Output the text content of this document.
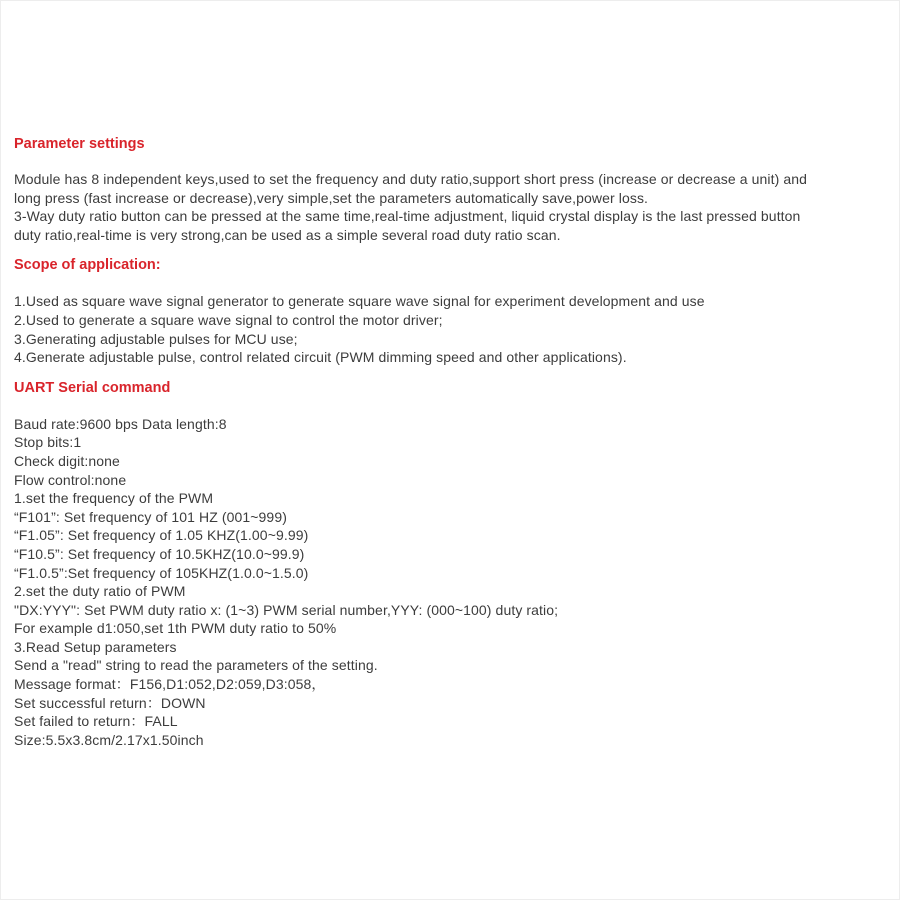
Parameter settings

Module has 8 independent keys,used to set the frequency and duty ratio,support short press (increase or decrease a unit) and
long press (fast increase or decrease),very simple,set the parameters automatically save,power loss.
3-Way duty ratio button can be pressed at the same time,real-time adjustment, liquid crystal display is the last pressed button
duty ratio,real-time is very strong,can be used as a simple several road duty ratio scan.

Scope of application:

1.Used as square wave signal generator to generate square wave signal for experiment development and use
2.Used to generate a square wave signal to control the motor driver;
3.Generating adjustable pulses for MCU use;
4.Generate adjustable pulse, control related circuit (PWM dimming speed and other applications).

UART Serial command

Baud rate:9600 bps Data length:8
Stop bits:1
Check digit:none
Flow control:none
1.set the frequency of the PWM
“F101”: Set frequency of 101 HZ (001~999)
“F1.05”: Set frequency of 1.05 KHZ(1.00~9.99)
“F10.5”: Set frequency of 10.5KHZ(10.0~99.9)
“F1.0.5”:Set frequency of 105KHZ(1.0.0~1.5.0)
2.set the duty ratio of PWM
"DX:YYY": Set PWM duty ratio x: (1~3) PWM serial number,YYY: (000~100) duty ratio;
For example d1:050,set 1th PWM duty ratio to 50%
3.Read Setup parameters
Send a "read" string to read the parameters of the setting.
Message format：F156,D1:052,D2:059,D3:058，
Set successful return：DOWN
Set failed to return：FALL
Size:5.5x3.8cm/2.17x1.50inch
